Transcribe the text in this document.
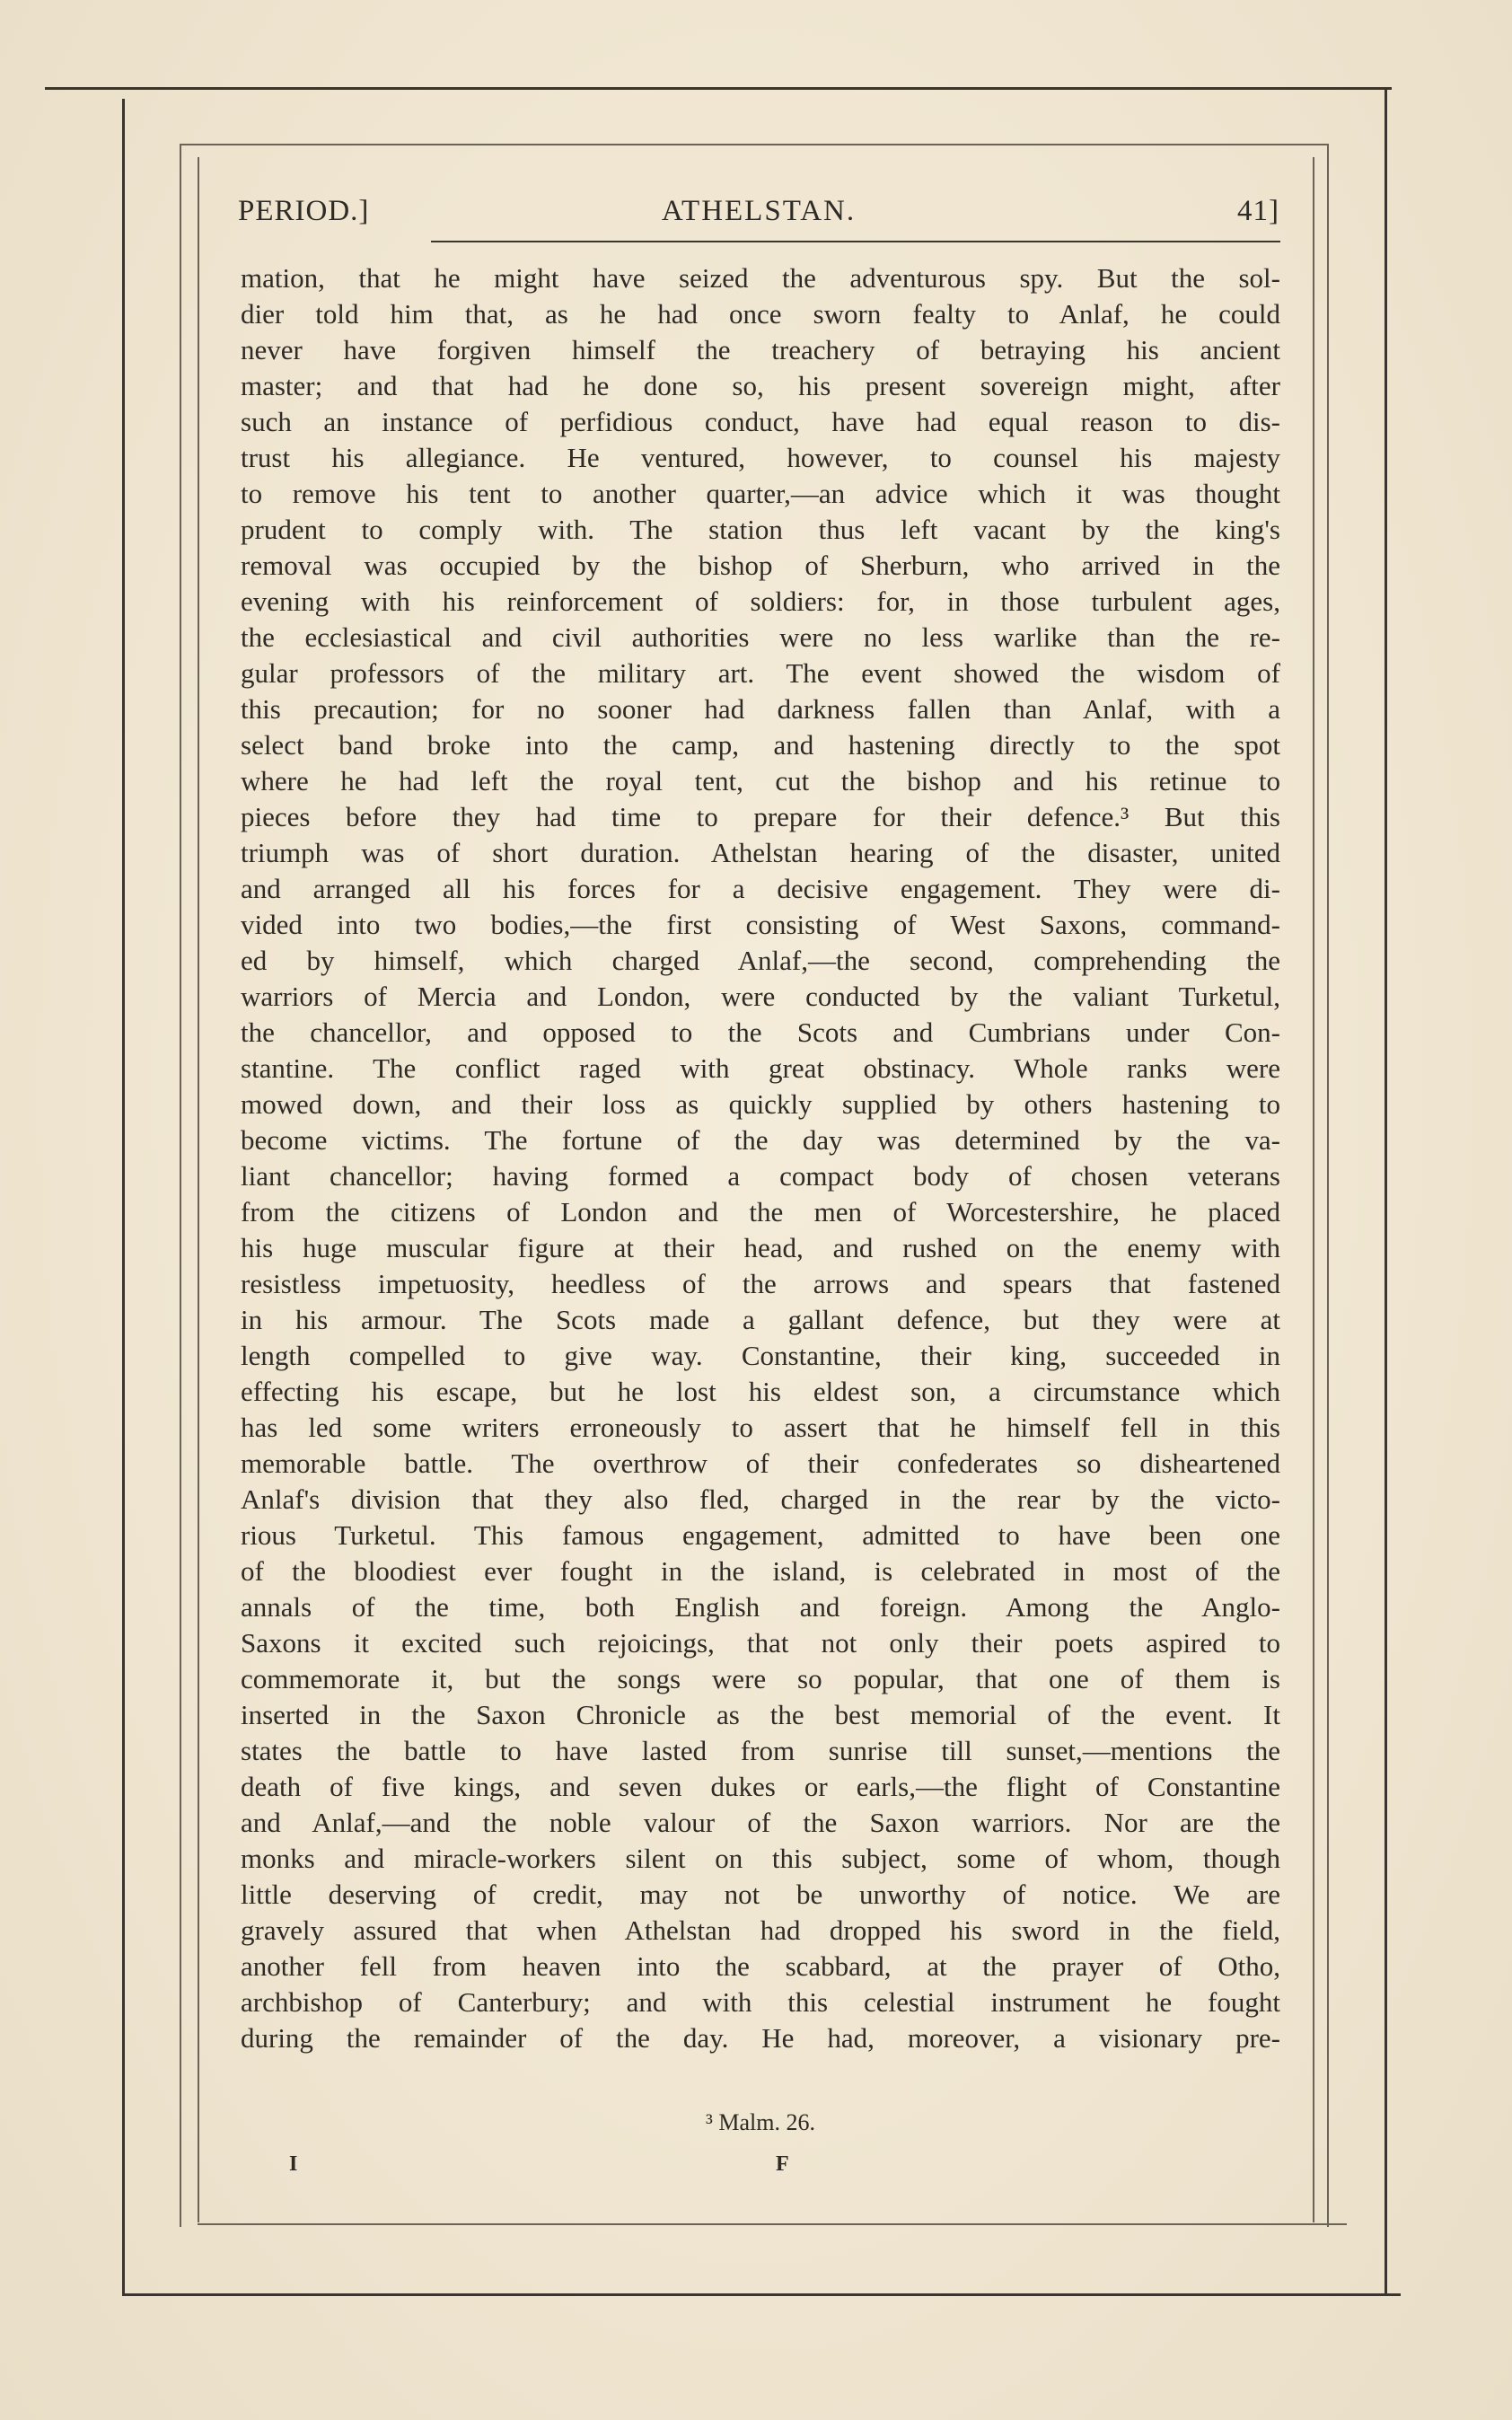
PERIOD.]	ATHELSTAN.	41]
mation, that he might have seized the adventurous spy. But the sol-
dier told him that, as he had once sworn fealty to Anlaf, he could
never have forgiven himself the treachery of betraying his ancient
master; and that had he done so, his present sovereign might, after
such an instance of perfidious conduct, have had equal reason to dis-
trust his allegiance. He ventured, however, to counsel his majesty
to remove his tent to another quarter,—an advice which it was thought
prudent to comply with. The station thus left vacant by the king's
removal was occupied by the bishop of Sherburn, who arrived in the
evening with his reinforcement of soldiers: for, in those turbulent ages,
the ecclesiastical and civil authorities were no less warlike than the re-
gular professors of the military art. The event showed the wisdom of
this precaution; for no sooner had darkness fallen than Anlaf, with a
select band broke into the camp, and hastening directly to the spot
where he had left the royal tent, cut the bishop and his retinue to
pieces before they had time to prepare for their defence.³ But this
triumph was of short duration. Athelstan hearing of the disaster, united
and arranged all his forces for a decisive engagement. They were di-
vided into two bodies,—the first consisting of West Saxons, command-
ed by himself, which charged Anlaf,—the second, comprehending the
warriors of Mercia and London, were conducted by the valiant Turketul,
the chancellor, and opposed to the Scots and Cumbrians under Con-
stantine. The conflict raged with great obstinacy. Whole ranks were
mowed down, and their loss as quickly supplied by others hastening to
become victims. The fortune of the day was determined by the va-
liant chancellor; having formed a compact body of chosen veterans
from the citizens of London and the men of Worcestershire, he placed
his huge muscular figure at their head, and rushed on the enemy with
resistless impetuosity, heedless of the arrows and spears that fastened
in his armour. The Scots made a gallant defence, but they were at
length compelled to give way. Constantine, their king, succeeded in
effecting his escape, but he lost his eldest son, a circumstance which
has led some writers erroneously to assert that he himself fell in this
memorable battle. The overthrow of their confederates so disheartened
Anlaf's division that they also fled, charged in the rear by the victo-
rious Turketul. This famous engagement, admitted to have been one
of the bloodiest ever fought in the island, is celebrated in most of the
annals of the time, both English and foreign. Among the Anglo-
Saxons it excited such rejoicings, that not only their poets aspired to
commemorate it, but the songs were so popular, that one of them is
inserted in the Saxon Chronicle as the best memorial of the event. It
states the battle to have lasted from sunrise till sunset,—mentions the
death of five kings, and seven dukes or earls,—the flight of Constantine
and Anlaf,—and the noble valour of the Saxon warriors. Nor are the
monks and miracle-workers silent on this subject, some of whom, though
little deserving of credit, may not be unworthy of notice. We are
gravely assured that when Athelstan had dropped his sword in the field,
another fell from heaven into the scabbard, at the prayer of Otho,
archbishop of Canterbury; and with this celestial instrument he fought
during the remainder of the day. He had, moreover, a visionary pre-
³ Malm. 26.
I	F
